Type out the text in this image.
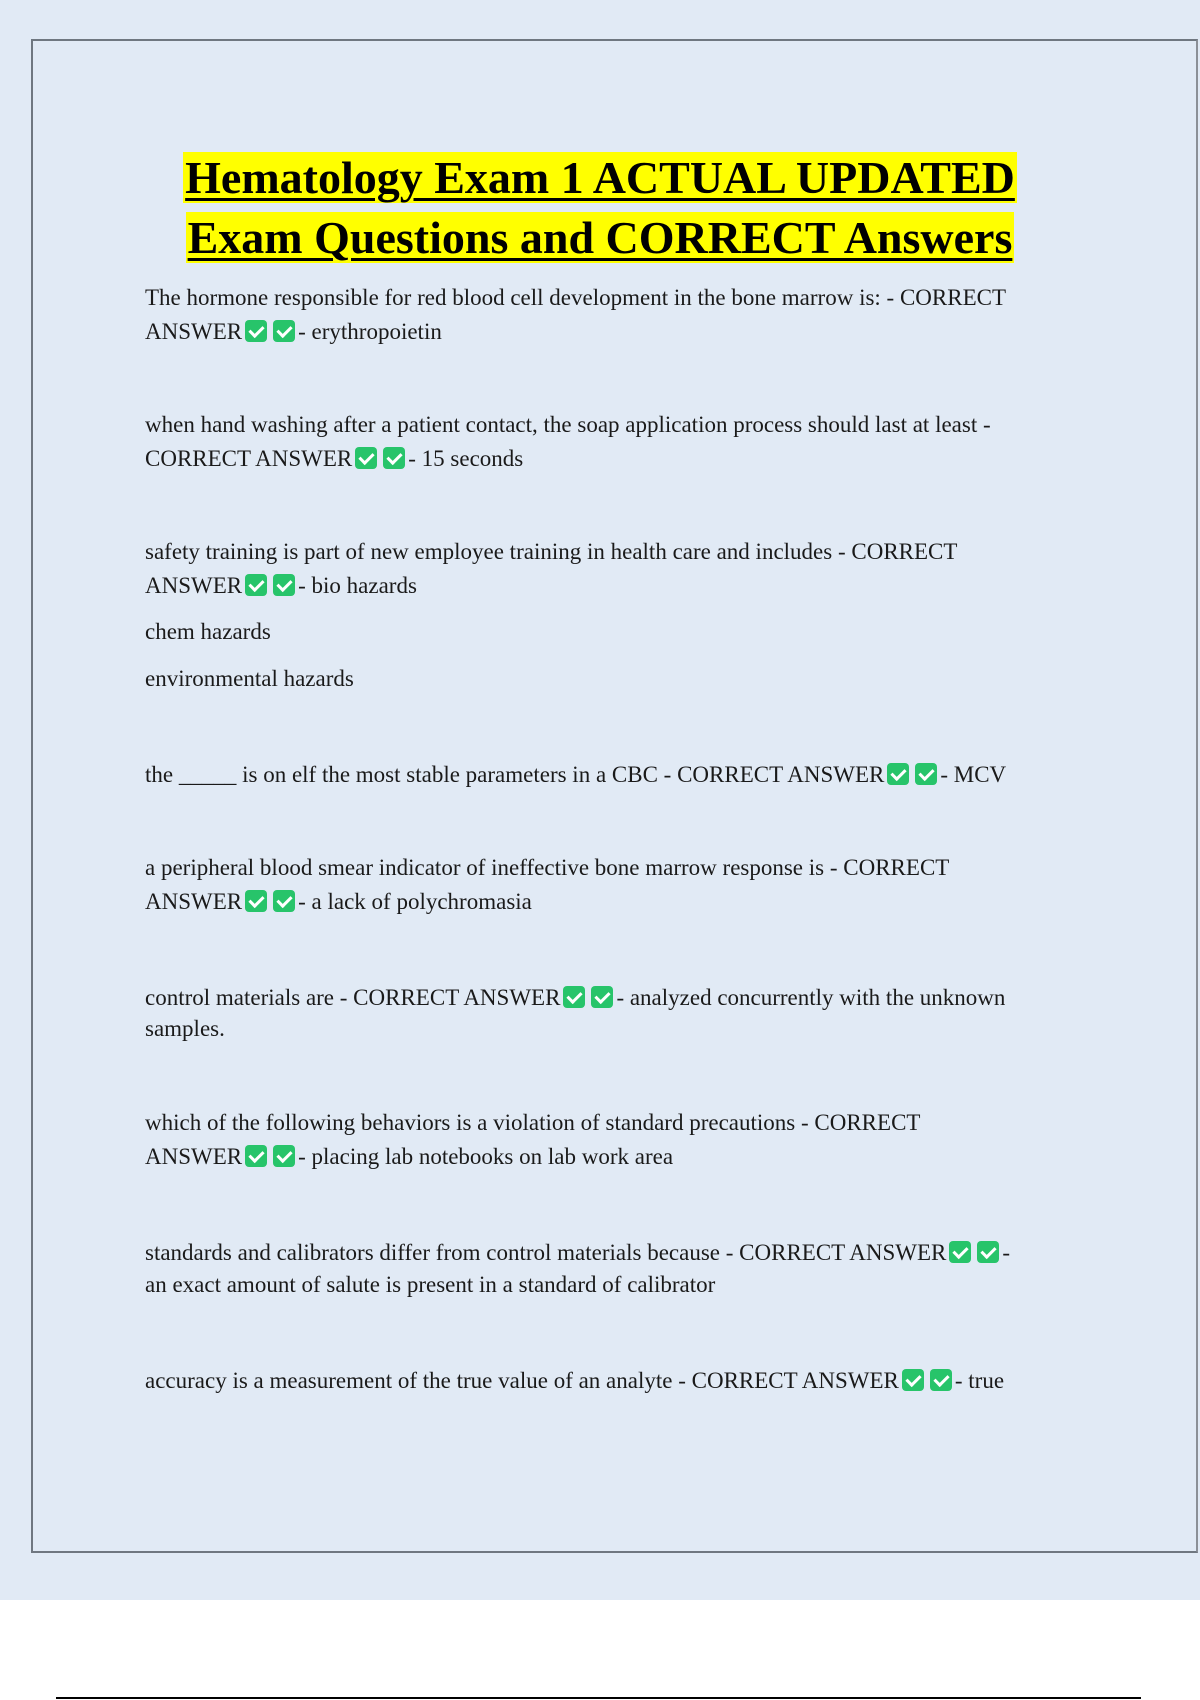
Hematology Exam 1 ACTUAL UPDATED
Exam Questions and CORRECT Answers
The hormone responsible for red blood cell development in the bone marrow is: - CORRECT
ANSWER - erythropoietin
when hand washing after a patient contact, the soap application process should last at least -
CORRECT ANSWER - 15 seconds
safety training is part of new employee training in health care and includes - CORRECT
ANSWER - bio hazards
chem hazards
environmental hazards
the _____ is on elf the most stable parameters in a CBC - CORRECT ANSWER - MCV
a peripheral blood smear indicator of ineffective bone marrow response is - CORRECT
ANSWER - a lack of polychromasia
control materials are - CORRECT ANSWER - analyzed concurrently with the unknown
samples.
which of the following behaviors is a violation of standard precautions - CORRECT
ANSWER - placing lab notebooks on lab work area
standards and calibrators differ from control materials because - CORRECT ANSWER -
an exact amount of salute is present in a standard of calibrator
accuracy is a measurement of the true value of an analyte - CORRECT ANSWER - true
